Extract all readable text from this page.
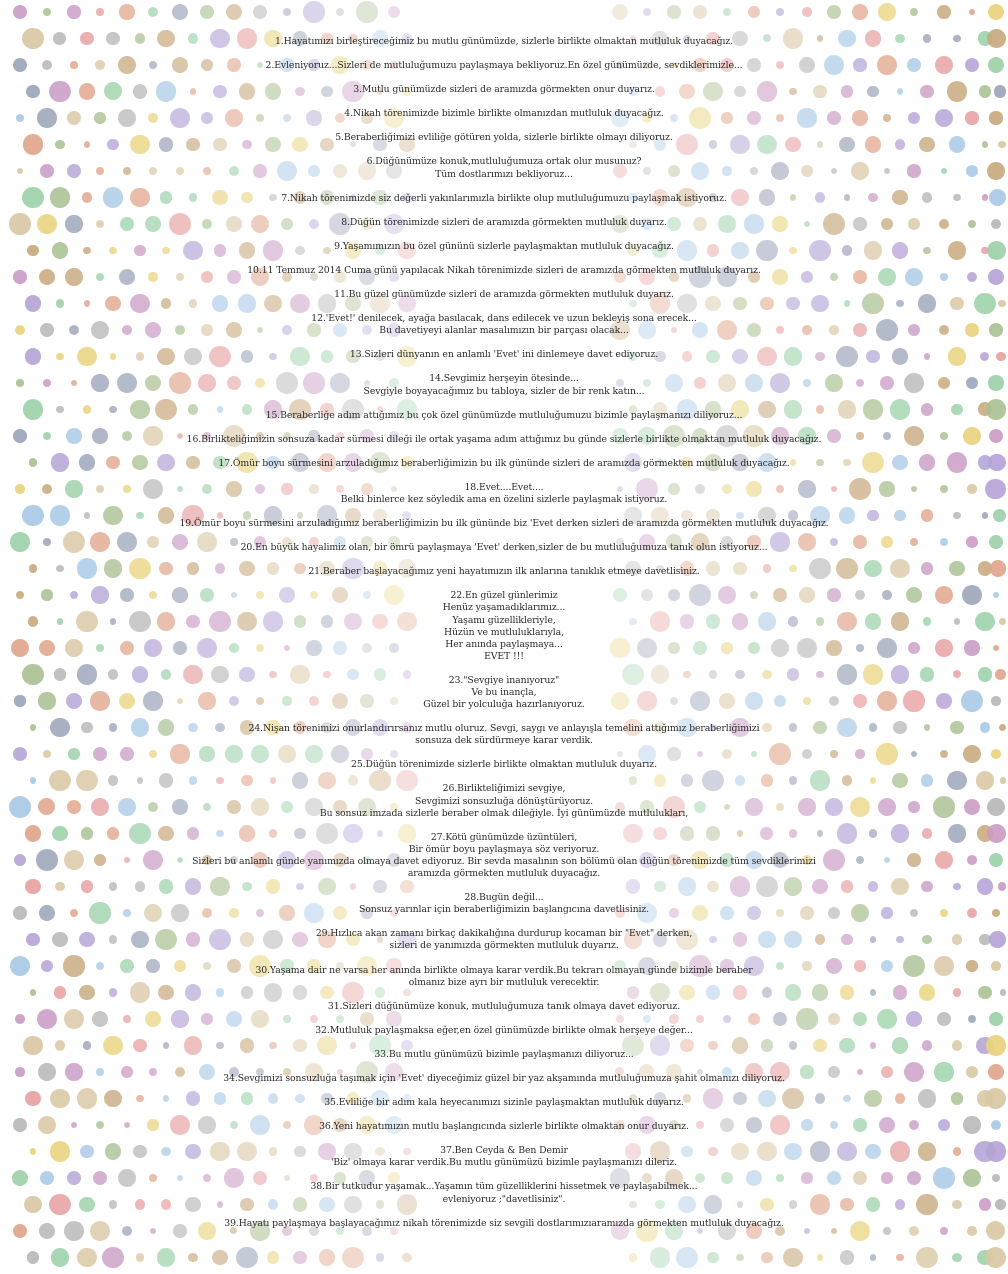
1.Hayatımızı birleştireceğimiz bu mutlu günümüzde, sizlerle birlikte olmaktan mutluluk duyacağız.
2.Evleniyoruz...Sizleri de mutluluğumuzu paylaşmaya bekliyoruz.En özel günümüzde, sevdiklerimizle...
3.Mutlu günümüzde sizleri de aramızda görmekten onur duyarız.
4.Nikah törenimizde bizimle birlikte olmanızdan mutluluk duyacağız.
5.Beraberliğimizi evliliğe götüren yolda, sizlerle birlikte olmayı diliyoruz.
6.Düğünümüze konuk,mutluluğumuza ortak olur musunuz?
Tüm dostlarımızı bekliyoruz...
7.Nikah törenimizde siz değerli yakınlarımızla birlikte olup mutluluğumuzu paylaşmak istiyoruz.
8.Düğün törenimizde sizleri de aramızda görmekten mutluluk duyarız.
9.Yaşamımızın bu özel gününü sizlerle paylaşmaktan mutluluk duyacağız.
10.11 Temmuz 2014 Cuma günü yapılacak Nikah törenimizde sizleri de aramızda görmekten mutluluk duyarız.
11.Bu güzel günümüzde sizleri de aramızda görmekten mutluluk duyarız.
12.'Evet!' denilecek, ayağa basılacak, dans edilecek ve uzun bekleyiş sona erecek...
Bu davetiyeyi alanlar masalımızın bir parçası olacak...
13.Sizleri dünyanın en anlamlı 'Evet' ini dinlemeye davet ediyoruz.
14.Sevgimiz herşeyin ötesinde...
Sevgiyle boyayacağımız bu tabloya, sizler de bir renk katın...
15.Beraberliğe adım attığımız bu çok özel günümüzde mutluluğumuzu bizimle paylaşmanızı diliyoruz...
16.Birlikteliğimizin sonsuza kadar sürmesi dileği ile ortak yaşama adım attığımız bu günde sizlerle birlikte olmaktan mutluluk duyacağız.
17.Ömür boyu sürmesini arzuladığımız beraberliğimizin bu ilk gününde sizleri de aramızda görmekten mutluluk duyacağız.
18.Evet....Evet....
Belki binlerce kez söyledik ama en özelini sizlerle paylaşmak istiyoruz.
19.Ömür boyu sürmesini arzuladığımız beraberliğimizin bu ilk gününde biz 'Evet derken sizleri de aramızda görmekten mutluluk duyacağız.
20.En büyük hayalimiz olan, bir ömrü paylaşmaya 'Evet' derken,sizler de bu mutluluğumuza tanık olun istiyoruz...
21.Beraber başlayacağımız yeni hayatımızın ilk anlarına tanıklık etmeye davetlisiniz.
22.En güzel günlerimiz
Henüz yaşamadıklarımız...
Yaşamı güzellikleriyle,
Hüzün ve mutluluklarıyla,
Her anında paylaşmaya...
EVET !!!
23."Sevgiye inanıyoruz"
Ve bu inançla,
Güzel bir yolculuğa hazırlanıyoruz.
24.Nişan törenimizi onurlandırırsanız mutlu oluruz. Sevgi, saygı ve anlayışla temelini attığımız beraberliğimizi
sonsuza dek sürdürmeye karar verdik.
25.Düğün törenimizde sizlerle birlikte olmaktan mutluluk duyarız.
26.Birlikteliğimizi sevgiye,
Sevgimizi sonsuzluğa dönüştürüyoruz.
Bu sonsuz imzada sizlerle beraber olmak dileğiyle. İyi günümüzde mutlulukları,
27.Kötü günümüzde üzüntüleri,
Bir ömür boyu paylaşmaya söz veriyoruz.
Sizleri bu anlamlı günde yanımızda olmaya davet ediyoruz. Bir sevda masalının son bölümü olan düğün törenimizde tüm sevdiklerimizi
aramızda görmekten mutluluk duyacağız.
28.Bugün değil...
Sonsuz yarınlar için beraberliğimizin başlangıcına davetlisiniz.
29.Hızlıca akan zamanı birkaç dakikalığına durdurup kocaman bir "Evet" derken,
sizleri de yanımızda görmekten mutluluk duyarız.
30.Yaşama dair ne varsa her anında birlikte olmaya karar verdik.Bu tekrarı olmayan günde bizimle beraber
olmanız bize ayrı bir mutluluk verecektir.
31.Sizleri düğünümüze konuk, mutluluğumuza tanık olmaya davet ediyoruz.
32.Mutluluk paylaşmaksa eğer,en özel günümüzde birlikte olmak herşeye değer...
33.Bu mutlu günümüzü bizimle paylaşmanızı diliyoruz...
34.Sevgimizi sonsuzluğa taşımak için 'Evet' diyeceğimiz güzel bir yaz akşamında mutluluğumuza şahit olmanızı diliyoruz.
35.Evliliğe bir adım kala heyecanımızı sizinle paylaşmaktan mutluluk duyarız.
36.Yeni hayatımızın mutlu başlangıcında sizlerle birlikte olmaktan onur duyarız.
37.Ben Ceyda & Ben Demir
'Biz' olmaya karar verdik.Bu mutlu günümüzü bizimle paylaşmanızı dileriz.
38.Bir tutkudur yaşamak...Yaşamın tüm güzelliklerini hissetmek ve paylaşabilmek...
evleniyoruz ;"davetlisiniz".
39.Hayatı paylaşmaya başlayacağımız nikah törenimizde siz sevgili dostlarımızıaramızda görmekten mutluluk duyacağız.
